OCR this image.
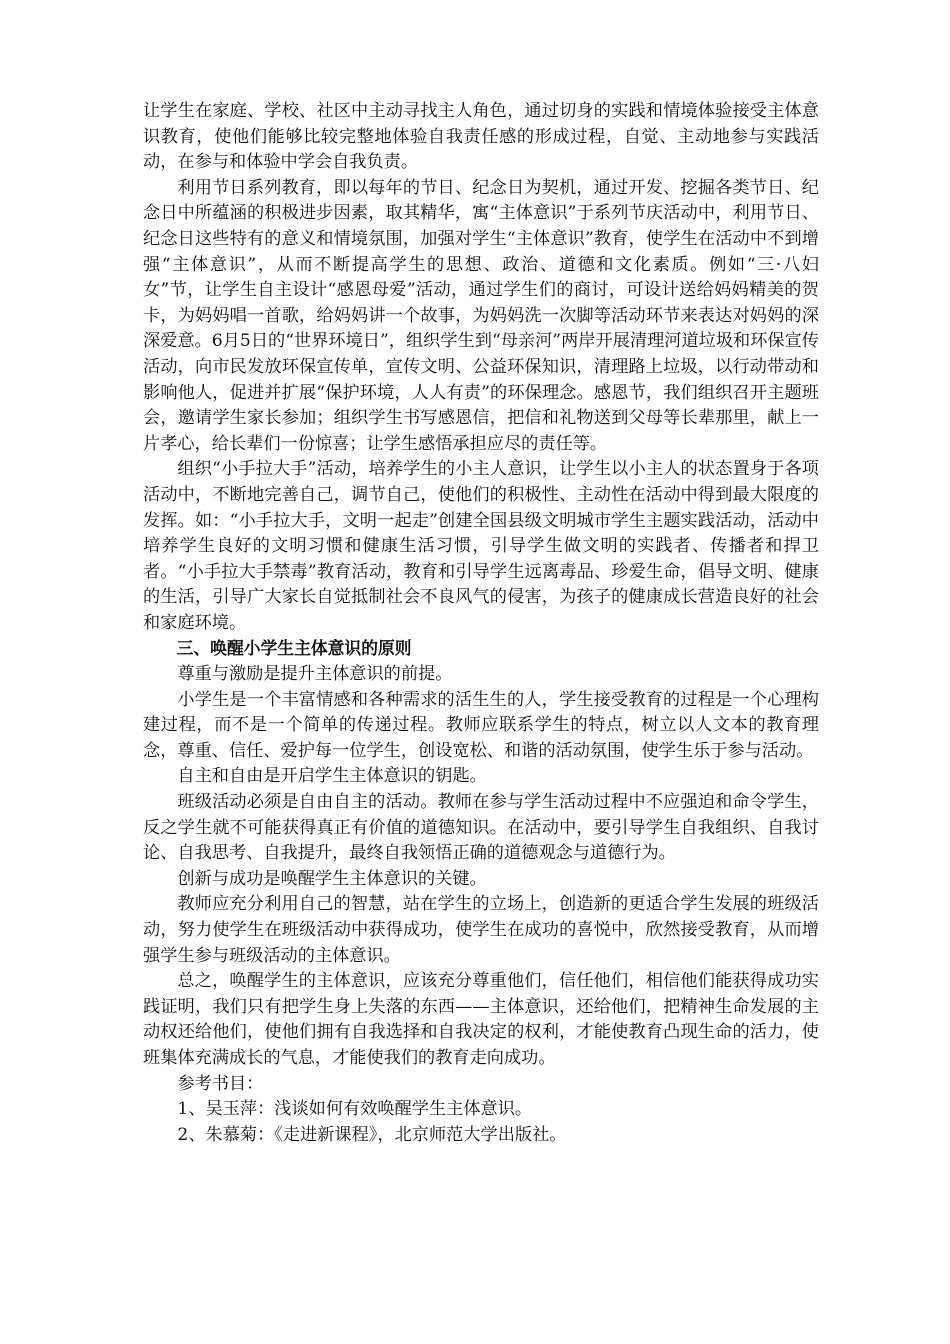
让学生在家庭、学校、社区中主动寻找主人角色，通过切身的实践和情境体验接受主体意识教育，使他们能够比较完整地体验自我责任感的形成过程，自觉、主动地参与实践活动，在参与和体验中学会自我负责。

利用节日系列教育，即以每年的节日、纪念日为契机，通过开发、挖掘各类节日、纪念日中所蕴涵的积极进步因素，取其精华，寓“主体意识”于系列节庆活动中，利用节日、纪念日这些特有的意义和情境氛围，加强对学生“主体意识”教育，使学生在活动中不到增强“主体意识”，从而不断提高学生的思想、政治、道德和文化素质。例如“三·八妇女”节，让学生自主设计“感恩母爱”活动，通过学生们的商讨，可设计送给妈妈精美的贺卡，为妈妈唱一首歌，给妈妈讲一个故事，为妈妈洗一次脚等活动环节来表达对妈妈的深深爱意。6月5日的“世界环境日”，组织学生到“母亲河”两岸开展清理河道垃圾和环保宣传活动，向市民发放环保宣传单，宣传文明、公益环保知识，清理路上垃圾，以行动带动和影响他人，促进并扩展“保护环境，人人有责”的环保理念。感恩节，我们组织召开主题班会，邀请学生家长参加；组织学生书写感恩信，把信和礼物送到父母等长辈那里，献上一片孝心，给长辈们一份惊喜；让学生感悟承担应尽的责任等。

组织“小手拉大手”活动，培养学生的小主人意识，让学生以小主人的状态置身于各项活动中，不断地完善自己，调节自己，使他们的积极性、主动性在活动中得到最大限度的发挥。如：“小手拉大手，文明一起走”创建全国县级文明城市学生主题实践活动，活动中培养学生良好的文明习惯和健康生活习惯，引导学生做文明的实践者、传播者和捍卫者。“小手拉大手禁毒”教育活动，教育和引导学生远离毒品、珍爱生命，倡导文明、健康的生活，引导广大家长自觉抵制社会不良风气的侵害，为孩子的健康成长营造良好的社会和家庭环境。

三、唤醒小学生主体意识的原则

尊重与激励是提升主体意识的前提。

小学生是一个丰富情感和各种需求的活生生的人，学生接受教育的过程是一个心理构建过程，而不是一个简单的传递过程。教师应联系学生的特点，树立以人文本的教育理念，尊重、信任、爱护每一位学生，创设宽松、和谐的活动氛围，使学生乐于参与活动。

自主和自由是开启学生主体意识的钥匙。

班级活动必须是自由自主的活动。教师在参与学生活动过程中不应强迫和命令学生，反之学生就不可能获得真正有价值的道德知识。在活动中，要引导学生自我组织、自我讨论、自我思考、自我提升，最终自我领悟正确的道德观念与道德行为。

创新与成功是唤醒学生主体意识的关键。

教师应充分利用自己的智慧，站在学生的立场上，创造新的更适合学生发展的班级活动，努力使学生在班级活动中获得成功，使学生在成功的喜悦中，欣然接受教育，从而增强学生参与班级活动的主体意识。

总之，唤醒学生的主体意识，应该充分尊重他们，信任他们，相信他们能获得成功实践证明，我们只有把学生身上失落的东西——主体意识，还给他们，把精神生命发展的主动权还给他们，使他们拥有自我选择和自我决定的权利，才能使教育凸现生命的活力，使班集体充满成长的气息，才能使我们的教育走向成功。

参考书目：

1、吴玉萍：浅谈如何有效唤醒学生主体意识。

2、朱慕菊：《走进新课程》，北京师范大学出版社。
